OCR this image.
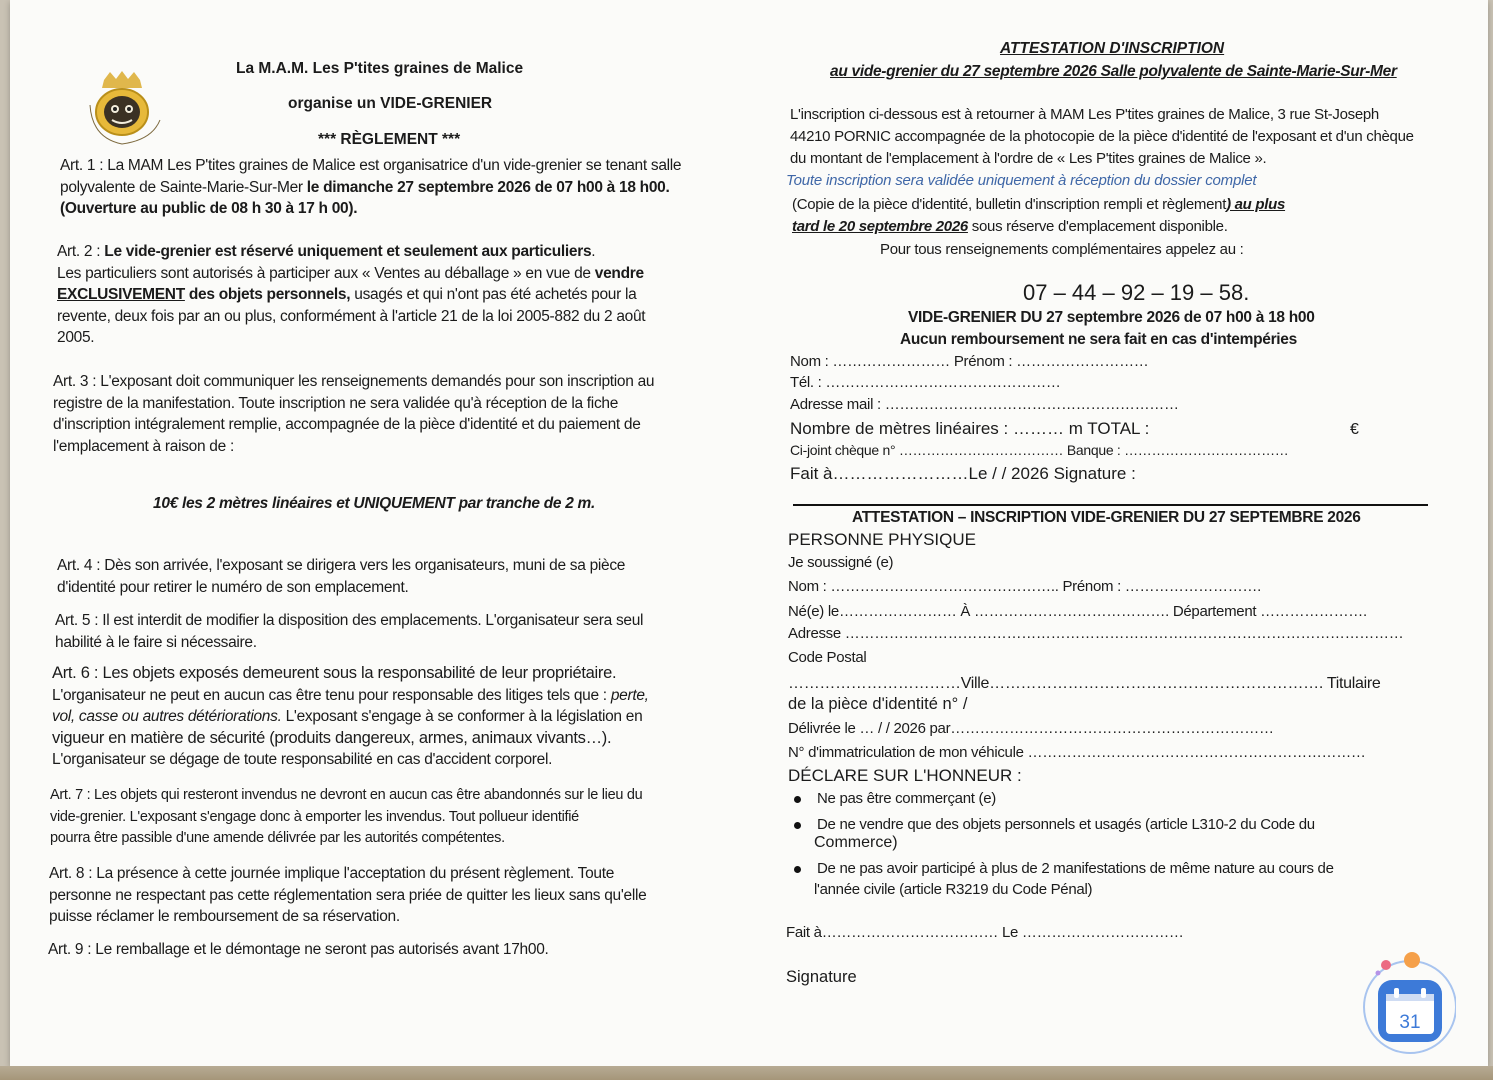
La M.A.M. Les P'tites graines de Malice
organise un VIDE-GRENIER
*** RÈGLEMENT ***
Art. 1 : La MAM Les P'tites graines de Malice est organisatrice d'un vide-grenier se tenant salle
polyvalente de Sainte-Marie-Sur-Mer le dimanche 27 septembre 2026 de 07 h00 à 18 h00.
(Ouverture au public de 08 h 30 à 17 h 00).
Art. 2 : Le vide-grenier est réservé uniquement et seulement aux particuliers.
Les particuliers sont autorisés à participer aux « Ventes au déballage » en vue de vendre
EXCLUSIVEMENT des objets personnels, usagés et qui n'ont pas été achetés pour la
revente, deux fois par an ou plus, conformément à l'article 21 de la loi 2005-882 du 2 août
2005.
Art. 3 : L'exposant doit communiquer les renseignements demandés pour son inscription au
registre de la manifestation. Toute inscription ne sera validée qu'à réception de la fiche
d'inscription intégralement remplie, accompagnée de la pièce d'identité et du paiement de
l'emplacement à raison de :
10€ les 2 mètres linéaires et UNIQUEMENT par tranche de 2 m.
Art. 4 : Dès son arrivée, l'exposant se dirigera vers les organisateurs, muni de sa pièce
d'identité pour retirer le numéro de son emplacement.
Art. 5 : Il est interdit de modifier la disposition des emplacements. L'organisateur sera seul
habilité à le faire si nécessaire.
Art. 6 : Les objets exposés demeurent sous la responsabilité de leur propriétaire.
L'organisateur ne peut en aucun cas être tenu pour responsable des litiges tels que : perte,
vol, casse ou autres détériorations. L'exposant s'engage à se conformer à la législation en
vigueur en matière de sécurité (produits dangereux, armes, animaux vivants…).
L'organisateur se dégage de toute responsabilité en cas d'accident corporel.
Art. 7 : Les objets qui resteront invendus ne devront en aucun cas être abandonnés sur le lieu du
vide-grenier. L'exposant s'engage donc à emporter les invendus. Tout pollueur identifié
pourra être passible d'une amende délivrée par les autorités compétentes.
Art. 8 : La présence à cette journée implique l'acceptation du présent règlement. Toute
personne ne respectant pas cette réglementation sera priée de quitter les lieux sans qu'elle
puisse réclamer le remboursement de sa réservation.
Art. 9 : Le remballage et le démontage ne seront pas autorisés avant 17h00.
ATTESTATION D'INSCRIPTION
au vide-grenier du 27 septembre 2026 Salle polyvalente de Sainte-Marie-Sur-Mer
L'inscription ci-dessous est à retourner à MAM Les P'tites graines de Malice, 3 rue St-Joseph
44210 PORNIC accompagnée de la photocopie de la pièce d'identité de l'exposant et d'un chèque
du montant de l'emplacement à l'ordre de « Les P'tites graines de Malice ».
Toute inscription sera validée uniquement à réception du dossier complet
(Copie de la pièce d'identité, bulletin d'inscription rempli et règlement) au plus
tard le 20 septembre 2026 sous réserve d'emplacement disponible.
Pour tous renseignements complémentaires appelez au :
07 – 44 – 92 – 19 – 58.
VIDE-GRENIER DU 27 septembre 2026 de 07 h00 à 18 h00
Aucun remboursement ne sera fait en cas d'intempéries
Nom : …………………… Prénom : ………………………
Tél. : …………………………………………
Adresse mail : ……………………………………………………
Nombre de mètres linéaires : ……… m TOTAL :	€
Ci-joint chèque n° ……………………………… Banque : ………………………………
Fait à……………………Le / / 2026 Signature :
ATTESTATION – INSCRIPTION VIDE-GRENIER DU 27 SEPTEMBRE 2026
PERSONNE PHYSIQUE
Je soussigné (e)
Nom : ……………………………………….. Prénom : ……………………….
Né(e) le…………………… À …………………………………. Département ………………….
Adresse ……………………………………………………………………………………………………
Code Postal
……………………………Ville………………………………………………………. Titulaire
de la pièce d'identité n° /
Délivrée le … / / 2026 par…………………………………………………………
N° d'immatriculation de mon véhicule ……………………………………………………………
DÉCLARE SUR L'HONNEUR :
Ne pas être commerçant (e)
De ne vendre que des objets personnels et usagés (article L310-2 du Code du
Commerce)
De ne pas avoir participé à plus de 2 manifestations de même nature au cours de
l'année civile (article R3219 du Code Pénal)
Fait à……………………………… Le ……………………………
Signature
31
